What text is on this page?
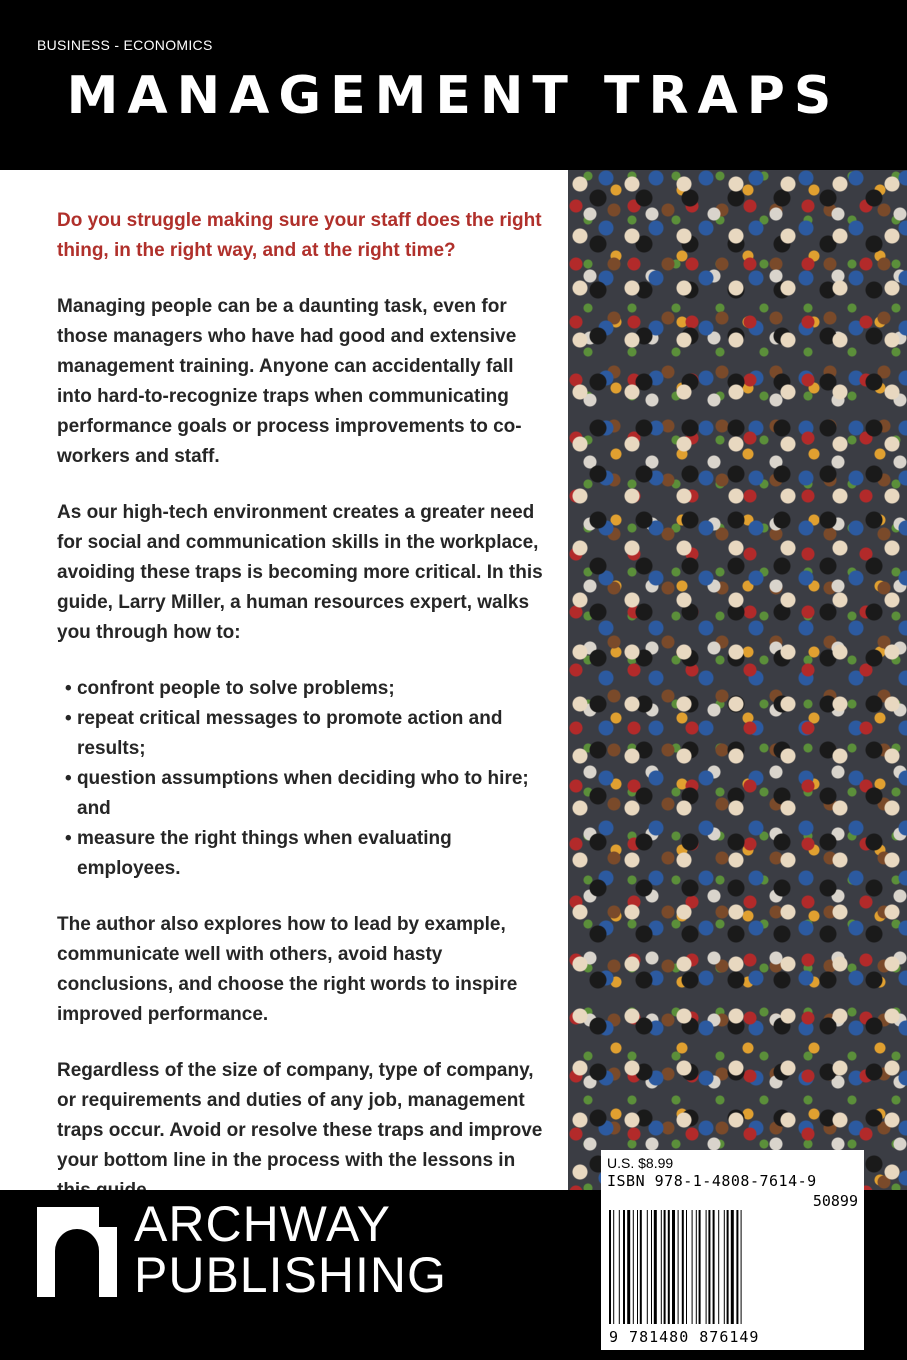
BUSINESS - ECONOMICS
MANAGEMENT TRAPS

Do you struggle making sure your staff does the right thing, in the right way, and at the right time?

Managing people can be a daunting task, even for those managers who have had good and extensive management training. Anyone can accidentally fall into hard-to-recognize traps when communicating performance goals or process improvements to co-workers and staff.

As our high-tech environment creates a greater need for social and communication skills in the workplace, avoiding these traps is becoming more critical. In this guide, Larry Miller, a human resources expert, walks you through how to:

• confront people to solve problems;
• repeat critical messages to promote action and results;
• question assumptions when deciding who to hire; and
• measure the right things when evaluating employees.

The author also explores how to lead by example, communicate well with others, avoid hasty conclusions, and choose the right words to inspire improved performance.

Regardless of the size of company, type of company, or requirements and duties of any job, management traps occur. Avoid or resolve these traps and improve your bottom line in the process with the lessons in

ARCHWAY
PUBLISHING
U.S. $8.99
ISBN 978-1-4808-7614-9
50899
9 781480 876149
